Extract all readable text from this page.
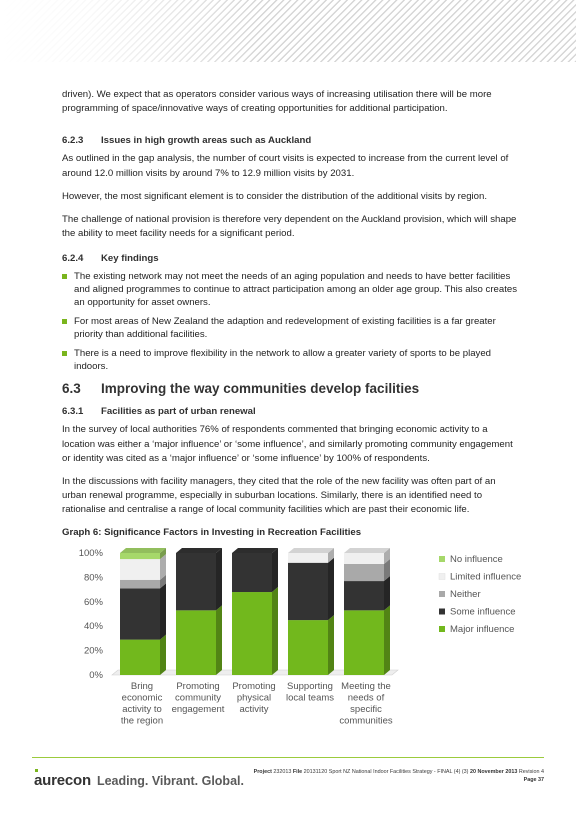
driven). We expect that as operators consider various ways of increasing utilisation there will be more programming of space/innovative ways of creating opportunities for additional participation.

6.2.3	Issues in high growth areas such as Auckland

As outlined in the gap analysis, the number of court visits is expected to increase from the current level of around 12.0 million visits by around 7% to 12.9 million visits by 2031.

However, the most significant element is to consider the distribution of the additional visits by region.

The challenge of national provision is therefore very dependent on the Auckland provision, which will shape the ability to meet facility needs for a significant period.

6.2.4	Key findings
The existing network may not meet the needs of an aging population and needs to have better facilities and aligned programmes to continue to attract participation among an older age group. This also creates an opportunity for asset owners.
For most areas of New Zealand the adaption and redevelopment of existing facilities is a far greater priority than additional facilities.
There is a need to improve flexibility in the network to allow a greater variety of sports to be played indoors.
6.3	Improving the way communities develop facilities
6.3.1	Facilities as part of urban renewal

In the survey of local authorities 76% of respondents commented that bringing economic activity to a location was either a ‘major influence’ or ‘some influence’, and similarly promoting community engagement or identity was cited as a ‘major influence’ or ‘some influence’ by 100% of respondents.

In the discussions with facility managers, they cited that the role of the new facility was often part of an urban renewal programme, especially in suburban locations. Similarly, there is an identified need to rationalise and centralise a range of local community facilities which are past their economic life.

Graph 6: Significance Factors in Investing in Recreation Facilities
0%
20%
40%
60%
80%
100%
Bring economic activity to the region
Promoting community engagement
Promoting physical activity
Supporting local teams
Meeting the needs of specific communities
No influence
Limited influence
Neither
Some influence
Major influence
aurecon Leading. Vibrant. Global.
Project 232013 File 20131120 Sport NZ National Indoor Facilities Strategy - FINAL (4) (3) 20 November 2013 Revision 4
Page 37
